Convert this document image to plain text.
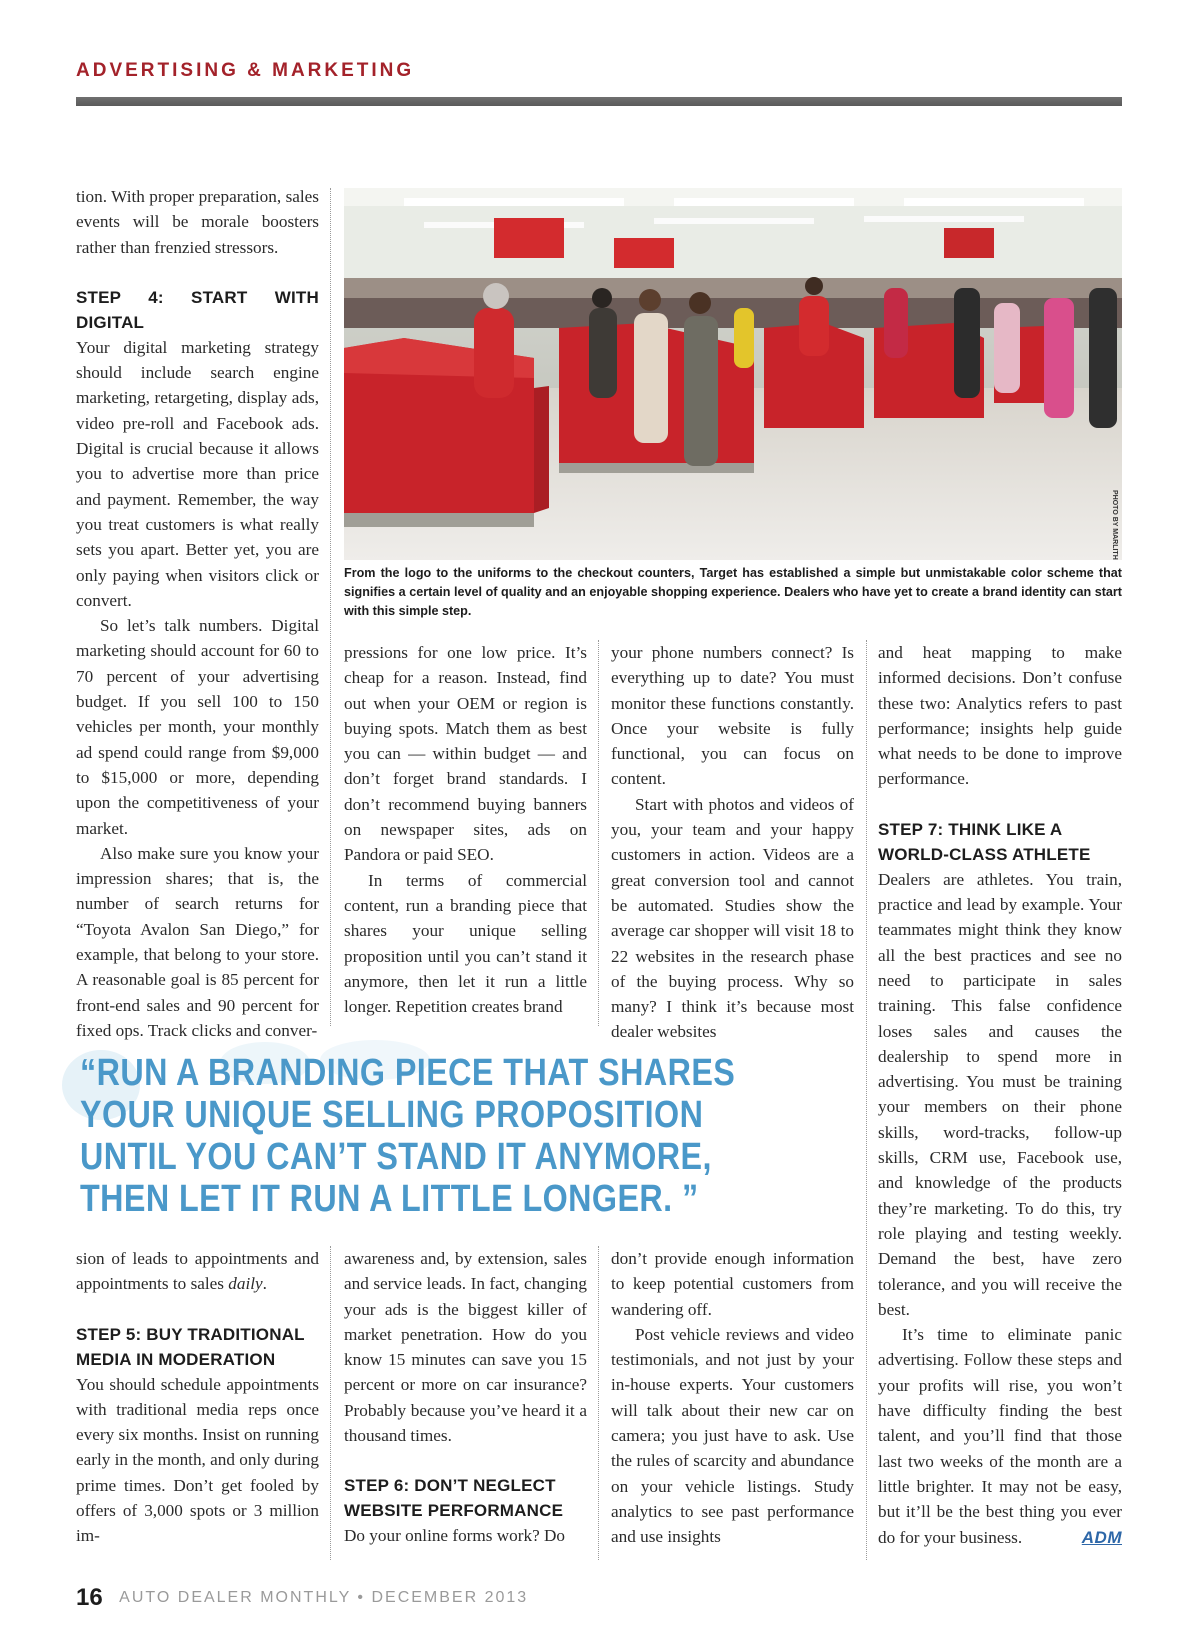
ADVERTISING & MARKETING

tion. With proper preparation, sales events will be morale boosters rather than frenzied stressors.

STEP 4: START WITH DIGITAL

Your digital marketing strategy should include search engine marketing, retargeting, display ads, video pre-roll and Facebook ads. Digital is crucial because it allows you to advertise more than price and payment. Remember, the way you treat customers is what really sets you apart. Better yet, you are only paying when visitors click or convert.

So let’s talk numbers. Digital marketing should account for 60 to 70 percent of your advertising budget. If you sell 100 to 150 vehicles per month, your monthly ad spend could range from $9,000 to $15,000 or more, depending upon the competitiveness of your market.

Also make sure you know your impression shares; that is, the number of search returns for “Toyota Avalon San Diego,” for example, that belong to your store. A reasonable goal is 85 percent for front-end sales and 90 percent for fixed ops. Track clicks and conver-

PHOTO BY MARLITH
From the logo to the uniforms to the checkout counters, Target has established a simple but unmistakable color scheme that signifies a certain level of quality and an enjoyable shopping experience. Dealers who have yet to create a brand identity can start with this simple step.

pressions for one low price. It’s cheap for a reason. Instead, find out when your OEM or region is buying spots. Match them as best you can — within budget — and don’t forget brand standards. I don’t recommend buying banners on newspaper sites, ads on Pandora or paid SEO.

In terms of commercial content, run a branding piece that shares your unique selling proposition until you can’t stand it anymore, then let it run a little longer. Repetition creates brand

your phone numbers connect? Is everything up to date? You must monitor these functions constantly. Once your website is fully functional, you can focus on content.

Start with photos and videos of you, your team and your happy customers in action. Videos are a great conversion tool and cannot be automated. Studies show the average car shopper will visit 18 to 22 websites in the research phase of the buying process. Why so many? I think it’s because most dealer websites

and heat mapping to make informed decisions. Don’t confuse these two: Analytics refers to past performance; insights help guide what needs to be done to improve performance.

STEP 7: THINK LIKE A
WORLD-CLASS ATHLETE

Dealers are athletes. You train, practice and lead by example. Your teammates might think they know all the best practices and see no need to participate in sales training. This false confidence loses sales and causes the dealership to spend more in advertising. You must be training your members on their phone skills, word-tracks, follow-up skills, CRM use, Facebook use, and knowledge of the products they’re marketing. To do this, try role playing and testing weekly. Demand the best, have zero tolerance, and you will receive the best.

It’s time to eliminate panic advertising. Follow these steps and your profits will rise, you won’t have difficulty finding the best talent, and you’ll find that those last two weeks of the month are a little brighter. It may not be easy, but it’ll be the best thing you ever do for your business.	ADM

“RUN A BRANDING PIECE THAT SHARES YOUR UNIQUE SELLING PROPOSITION UNTIL YOU CAN’T STAND IT ANYMORE, THEN LET IT RUN A LITTLE LONGER. ”

sion of leads to appointments and appointments to sales daily.

STEP 5: BUY TRADITIONAL
MEDIA IN MODERATION

You should schedule appointments with traditional media reps once every six months. Insist on running early in the month, and only during prime times. Don’t get fooled by offers of 3,000 spots or 3 million im-

awareness and, by extension, sales and service leads. In fact, changing your ads is the biggest killer of market penetration. How do you know 15 minutes can save you 15 percent or more on car insurance? Probably because you’ve heard it a thousand times.

STEP 6: DON’T NEGLECT
WEBSITE PERFORMANCE

Do your online forms work? Do

don’t provide enough information to keep potential customers from wandering off.

Post vehicle reviews and video testimonials, and not just by your in-house experts. Your customers will talk about their new car on camera; you just have to ask. Use the rules of scarcity and abundance on your vehicle listings. Study analytics to see past performance and use insights

16 AUTO DEALER MONTHLY • DECEMBER 2013
